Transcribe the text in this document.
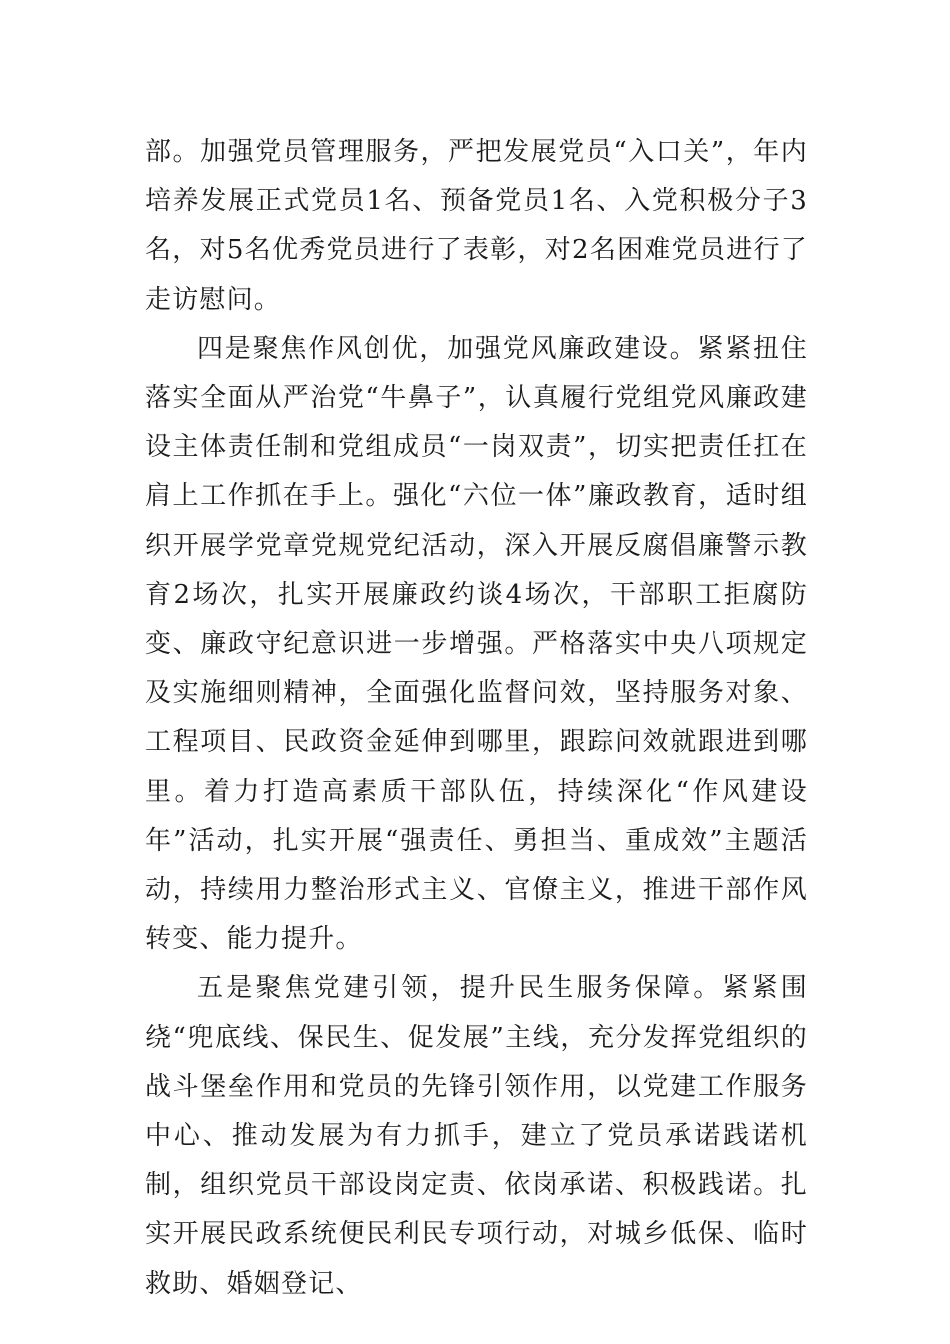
部。加强党员管理服务，严把发展党员“入口关”，年内培养发展正式党员1名、预备党员1名、入党积极分子3名，对5名优秀党员进行了表彰，对2名困难党员进行了走访慰问。

四是聚焦作风创优，加强党风廉政建设。紧紧扭住落实全面从严治党“牛鼻子”，认真履行党组党风廉政建设主体责任制和党组成员“一岗双责”，切实把责任扛在肩上工作抓在手上。强化“六位一体”廉政教育，适时组织开展学党章党规党纪活动，深入开展反腐倡廉警示教育2场次，扎实开展廉政约谈4场次，干部职工拒腐防变、廉政守纪意识进一步增强。严格落实中央八项规定及实施细则精神，全面强化监督问效，坚持服务对象、工程项目、民政资金延伸到哪里，跟踪问效就跟进到哪里。着力打造高素质干部队伍，持续深化“作风建设年”活动，扎实开展“强责任、勇担当、重成效”主题活动，持续用力整治形式主义、官僚主义，推进干部作风转变、能力提升。

五是聚焦党建引领，提升民生服务保障。紧紧围绕“兜底线、保民生、促发展”主线，充分发挥党组织的战斗堡垒作用和党员的先锋引领作用，以党建工作服务中心、推动发展为有力抓手，建立了党员承诺践诺机制，组织党员干部设岗定责、依岗承诺、积极践诺。扎实开展民政系统便民利民专项行动，对城乡低保、临时救助、婚姻登记、
